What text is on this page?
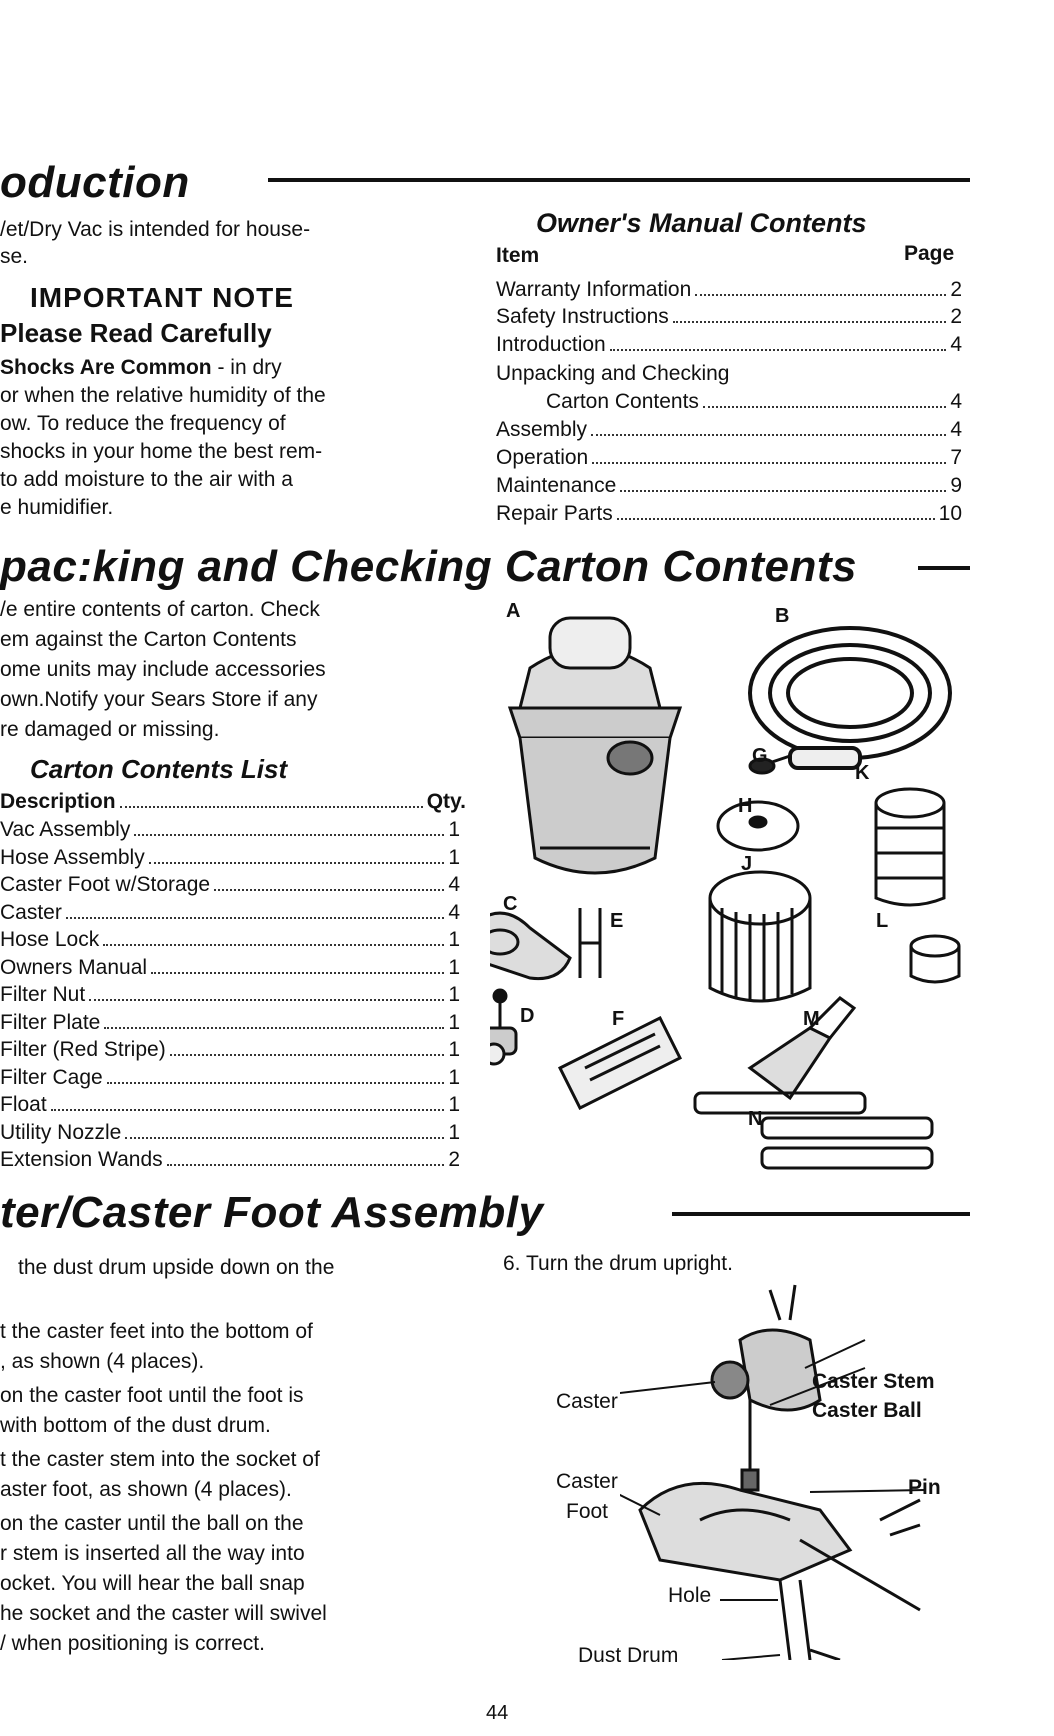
oduction
/et/Dry Vac is intended for house-
se.
IMPORTANT NOTE
Please Read Carefully
Shocks Are Common - in dry
or when the relative humidity of the
ow. To reduce the frequency of
shocks in your home the best rem-
to add moisture to the air with a
e humidifier.
Owner's Manual Contents
Item	Page
Warranty Information	2
Safety Instructions	2
Introduction	4
Unpacking and Checking
Carton Contents	4
Assembly	4
Operation	7
Maintenance	9
Repair Parts	10
pac:king and Checking Carton Contents
/e entire contents of carton. Check
em against the Carton Contents
ome units may include accessories
own.Notify your Sears Store if any
re damaged or missing.
Carton Contents List
Description	Qty.
Vac Assembly	1
Hose Assembly	1
Caster Foot w/Storage	4
Caster	4
Hose Lock	1
Owners Manual	1
Filter Nut	1
Filter Plate	1
Filter (Red Stripe)	1
Filter Cage	1
Float	1
Utility Nozzle	1
Extension Wands	2
A	B
G
K
H
J
C
E	L
D	F	M
N
ter/Caster Foot Assembly
the dust drum upside down on the
t the caster feet into the bottom of
, as shown (4 places).
on the caster foot until the foot is
with bottom of the dust drum.
t the caster stem into the socket of
aster foot, as shown (4 places).
on the caster until the ball on the
r stem is inserted all the way into
ocket. You will hear the ball snap
he socket and the caster will swivel
/ when positioning is correct.
6. Turn the drum upright.
Caster Stem
Caster Ball
Caster
Caster
Foot
Pin
Hole
Dust Drum
44
